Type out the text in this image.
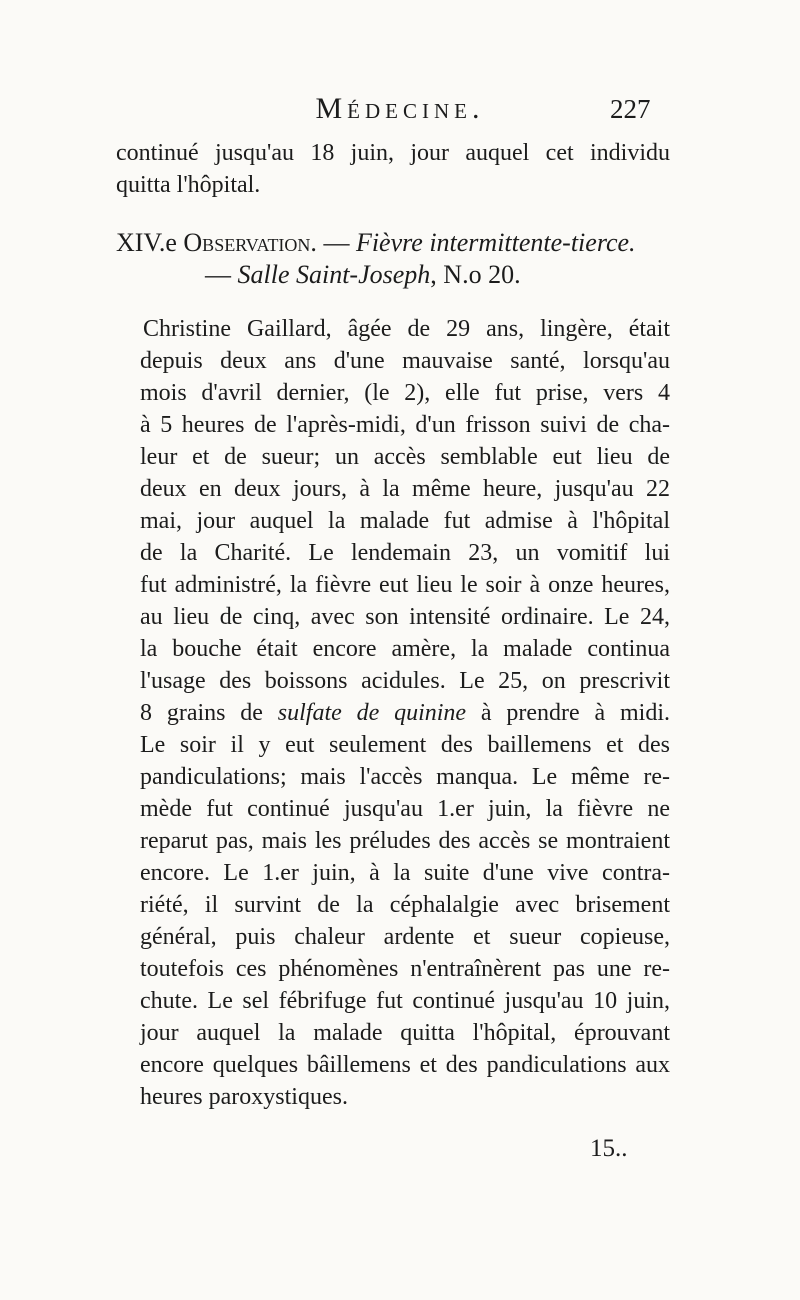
Médecine.	227
continué jusqu'au 18 juin, jour auquel cet individu
quitta l'hôpital.
XIV.e Observation. — Fièvre intermittente-tierce.
— Salle Saint-Joseph, N.o 20.
Christine Gaillard, âgée de 29 ans, lingère, était
depuis deux ans d'une mauvaise santé, lorsqu'au
mois d'avril dernier, (le 2), elle fut prise, vers 4
à 5 heures de l'après-midi, d'un frisson suivi de cha-
leur et de sueur; un accès semblable eut lieu de
deux en deux jours, à la même heure, jusqu'au 22
mai, jour auquel la malade fut admise à l'hôpital
de la Charité. Le lendemain 23, un vomitif lui
fut administré, la fièvre eut lieu le soir à onze heures,
au lieu de cinq, avec son intensité ordinaire. Le 24,
la bouche était encore amère, la malade continua
l'usage des boissons acidules. Le 25, on prescrivit
8 grains de sulfate de quinine à prendre à midi.
Le soir il y eut seulement des baillemens et des
pandiculations; mais l'accès manqua. Le même re-
mède fut continué jusqu'au 1.er juin, la fièvre ne
reparut pas, mais les préludes des accès se montraient
encore. Le 1.er juin, à la suite d'une vive contra-
riété, il survint de la céphalalgie avec brisement
général, puis chaleur ardente et sueur copieuse,
toutefois ces phénomènes n'entraînèrent pas une re-
chute. Le sel fébrifuge fut continué jusqu'au 10 juin,
jour auquel la malade quitta l'hôpital, éprouvant
encore quelques bâillemens et des pandiculations aux
heures paroxystiques.
15..
